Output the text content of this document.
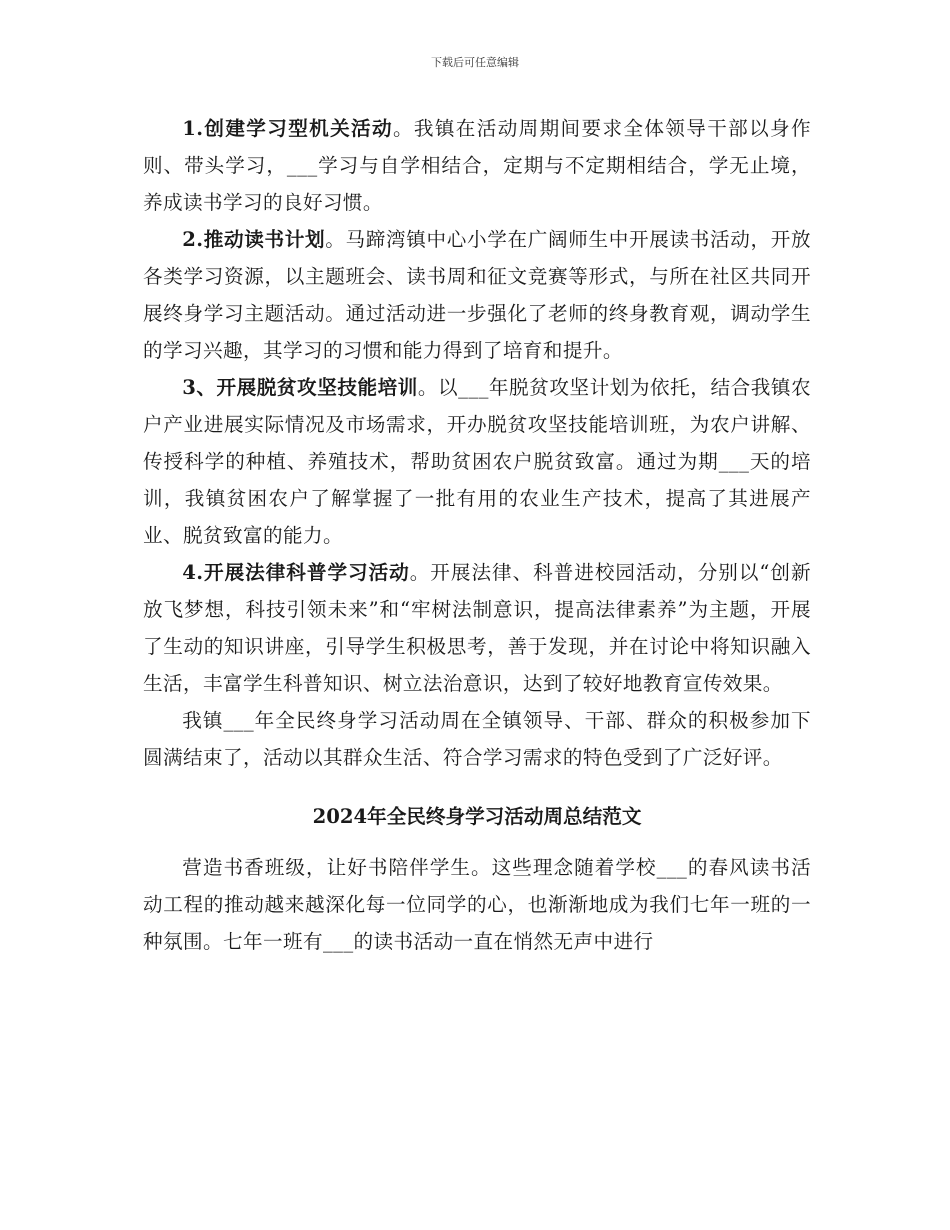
下载后可任意编辑

1.创建学习型机关活动。我镇在活动周期间要求全体领导干部以身作则、带头学习，___学习与自学相结合，定期与不定期相结合，学无止境，养成读书学习的良好习惯。

2.推动读书计划。马蹄湾镇中心小学在广阔师生中开展读书活动，开放各类学习资源，以主题班会、读书周和征文竞赛等形式，与所在社区共同开展终身学习主题活动。通过活动进一步强化了老师的终身教育观，调动学生的学习兴趣，其学习的习惯和能力得到了培育和提升。

3、开展脱贫攻坚技能培训。以___年脱贫攻坚计划为依托，结合我镇农户产业进展实际情况及市场需求，开办脱贫攻坚技能培训班，为农户讲解、传授科学的种植、养殖技术，帮助贫困农户脱贫致富。通过为期___天的培训，我镇贫困农户了解掌握了一批有用的农业生产技术，提高了其进展产业、脱贫致富的能力。

4.开展法律科普学习活动。开展法律、科普进校园活动，分别以“创新放飞梦想，科技引领未来”和“牢树法制意识，提高法律素养”为主题，开展了生动的知识讲座，引导学生积极思考，善于发现，并在讨论中将知识融入生活，丰富学生科普知识、树立法治意识，达到了较好地教育宣传效果。

我镇___年全民终身学习活动周在全镇领导、干部、群众的积极参加下圆满结束了，活动以其群众生活、符合学习需求的特色受到了广泛好评。

2024年全民终身学习活动周总结范文

营造书香班级，让好书陪伴学生。这些理念随着学校___的春风读书活动工程的推动越来越深化每一位同学的心，也渐渐地成为我们七年一班的一种氛围。七年一班有___的读书活动一直在悄然无声中进行
